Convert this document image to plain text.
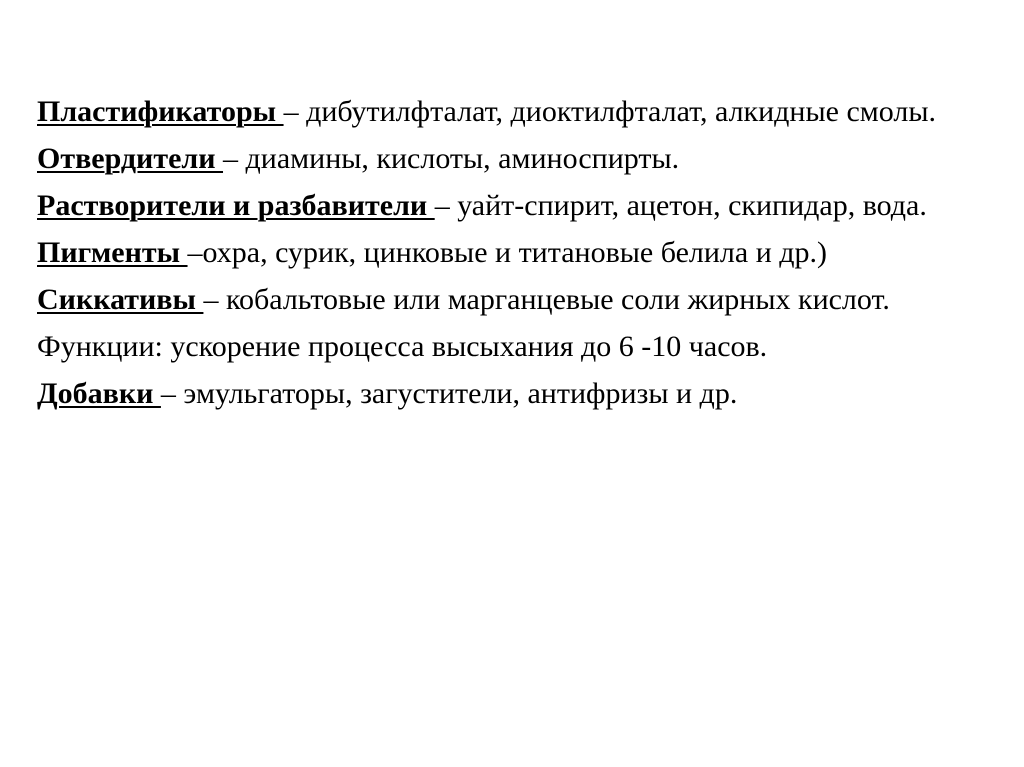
Пластификаторы – дибутилфталат, диоктилфталат, алкидные смолы.

Отвердители – диамины, кислоты, аминоспирты.

Растворители и разбавители – уайт-спирит, ацетон, скипидар, вода.

Пигменты –охра, сурик, цинковые и титановые белила и др.)

Сиккативы – кобальтовые или марганцевые соли жирных кислот.

Функции: ускорение процесса высыхания до 6 -10 часов.

Добавки – эмульгаторы, загустители, антифризы и др.
